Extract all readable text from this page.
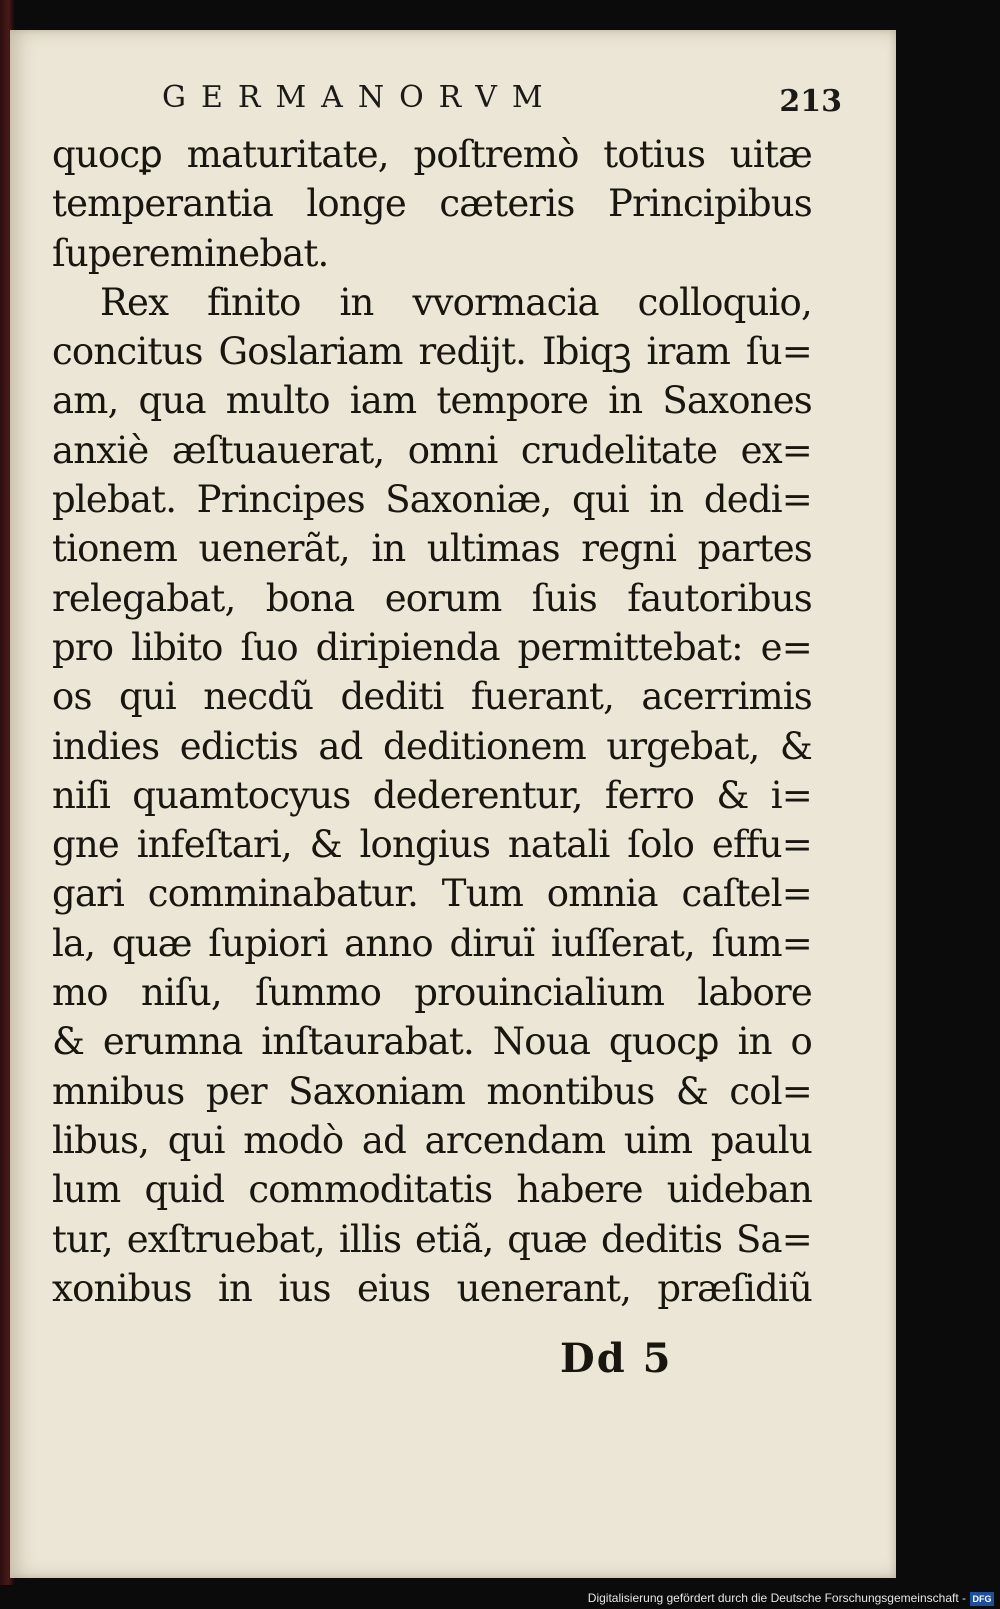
GERMANORVM	213
quocꝑ maturitate, poſtremò totius uitæ
temperantia longe cæteris Principibus
ſupereminebat.
Rex finito in vvormacia colloquio,
concitus Goslariam rediјt. Ibiqꝫ iram ſu=
am, qua multo iam tempore in Saxones
anxiè æſtuauerat, omni crudelitate ex=
plebat. Principes Saxoniæ, qui in dedi=
tionem uenerãt, in ultimas regni partes
relegabat, bona eorum ſuis fautoribus
pro libito ſuo diripienda permittebat: e=
os qui necdũ dediti fuerant, acerrimis
indies edictis ad deditionem urgebat, &
niſi quamtocyus dederentur, ferro & i=
gne infeſtari, & longius natali ſolo effu=
gari comminabatur. Tum omnia caſtel=
la, quæ ſupiori anno diruï iuſſerat, ſum=
mo niſu, ſummo prouincialium labore
& erumna inſtaurabat. Noua quocꝑ in o
mnibus per Saxoniam montibus & col=
libus, qui modò ad arcendam uim paulu
lum quid commoditatis habere uideban
tur, exſtruebat, illis etiã, quæ deditis Sa=
xonibus in ius eius uenerant, præſidiũ
Dd 5
Digitalisierung gefördert durch die Deutsche Forschungsgemeinschaft - DFG
